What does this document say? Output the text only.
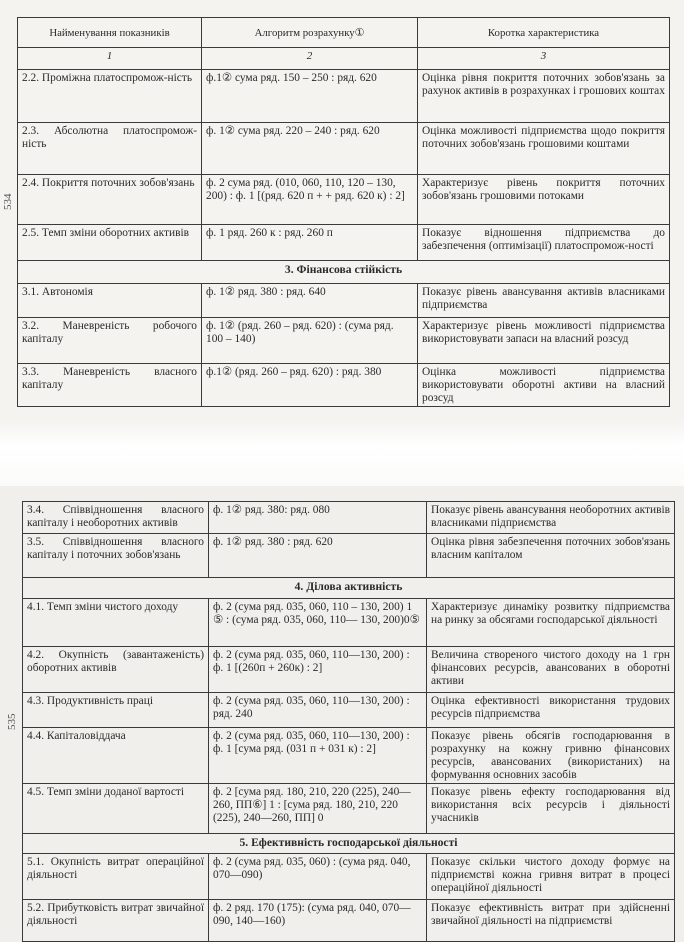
534
535
Найменування показників	Алгоритм розрахунку①	Коротка характеристика
1	2	3
2.2. Проміжна платоспромож-ність	ф.1② сума ряд. 150 – 250 : ряд. 620	Оцінка рівня покриття поточних зобов'язань за рахунок активів в розрахунках і грошових коштах
2.3. Абсолютна платоспромож-ність	ф. 1② сума ряд. 220 – 240 : ряд. 620	Оцінка можливості підприємства щодо покриття поточних зобов'язань грошовими коштами
2.4. Покриття поточних зобов'язань	ф. 2 сума ряд. (010, 060, 110, 120 – 130, 200) : ф. 1 [(ряд. 620 п + + ряд. 620 к) : 2]	Характеризує рівень покриття поточних зобов'язань грошовими потоками
2.5. Темп зміни оборотних активів	ф. 1 ряд. 260 к : ряд. 260 п	Показує відношення підприємства до забезпечення (оптимізації) платоспромож-ності
3. Фінансова стійкість		
3.1. Автономія	ф. 1② ряд. 380 : ряд. 640	Показує рівень авансування активів власниками підприємства
3.2. Маневреність робочого капіталу	ф. 1② (ряд. 260 – ряд. 620) : (сума ряд. 100 – 140)	Характеризує рівень можливості підприємства використовувати запаси на власний розсуд
3.3. Маневреність власного капіталу	ф.1② (ряд. 260 – ряд. 620) : ряд. 380	Оцінка можливості підприємства використовувати оборотні активи на власний розсуд
3.4. Співвідношення власного капіталу і необоротних активів	ф. 1② ряд. 380: ряд. 080	Показує рівень авансування необоротних активів власниками підприємства
3.5. Співвідношення власного капіталу і поточних зобов'язань	ф. 1② ряд. 380 : ряд. 620	Оцінка рівня забезпечення поточних зобов'язань власним капіталом
4. Ділова активність		
4.1. Темп зміни чистого доходу	ф. 2 (сума ряд. 035, 060, 110 – 130, 200) 1 ⑤ : (сума ряд. 035, 060, 110— 130, 200)0⑤	Характеризує динаміку розвитку підприємства на ринку за обсягами господарської діяльності
4.2. Окупність (завантаженість) оборотних активів	ф. 2 (сума ряд. 035, 060, 110—130, 200) : ф. 1 [(260п + 260к) : 2]	Величина створеного чистого доходу на 1 грн фінансових ресурсів, авансованих в оборотні активи
4.3. Продуктивність праці	ф. 2 (сума ряд. 035, 060, 110—130, 200) : ряд. 240	Оцінка ефективності використання трудових ресурсів підприємства
4.4. Капіталовіддача	ф. 2 (сума ряд. 035, 060, 110—130, 200) : ф. 1 [сума ряд. (031 п + 031 к) : 2]	Показує рівень обсягів господарювання в розрахунку на кожну гривню фінансових ресурсів, авансованих (використаних) на формування основних засобів
4.5. Темп зміни доданої вартості	ф. 2 [сума ряд. 180, 210, 220 (225), 240—260, ПП⑥] 1 : [сума ряд. 180, 210, 220 (225), 240—260, ПП] 0	Показує рівень ефекту господарювання від використання всіх ресурсів і діяльності учасників
5. Ефективність господарської діяльності		
5.1. Окупність витрат операційної діяльності	ф. 2 (сума ряд. 035, 060) : (сума ряд. 040, 070—090)	Показує скільки чистого доходу формує на підприємстві кожна гривня витрат в процесі операційної діяльності
5.2. Прибутковість витрат звичайної діяльності	ф. 2 ряд. 170 (175): (сума ряд. 040, 070—090, 140—160)	Показує ефективність витрат при здійсненні звичайної діяльності на підприємстві
